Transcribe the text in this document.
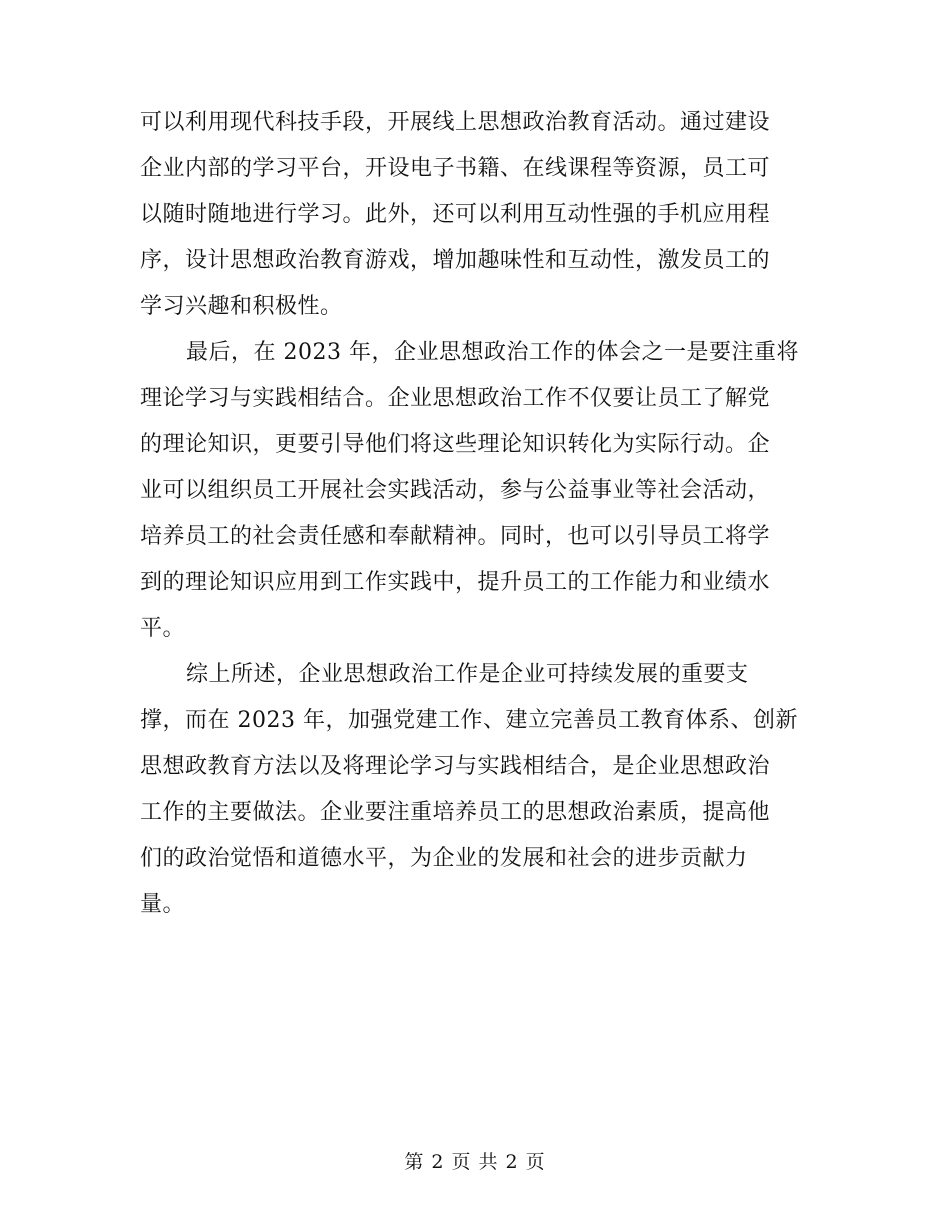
可以利用现代科技手段，开展线上思想政治教育活动。通过建设
企业内部的学习平台，开设电子书籍、在线课程等资源，员工可
以随时随地进行学习。此外，还可以利用互动性强的手机应用程
序，设计思想政治教育游戏，增加趣味性和互动性，激发员工的
学习兴趣和积极性。
最后，在 2023 年，企业思想政治工作的体会之一是要注重将
理论学习与实践相结合。企业思想政治工作不仅要让员工了解党
的理论知识，更要引导他们将这些理论知识转化为实际行动。企
业可以组织员工开展社会实践活动，参与公益事业等社会活动，
培养员工的社会责任感和奉献精神。同时，也可以引导员工将学
到的理论知识应用到工作实践中，提升员工的工作能力和业绩水
平。
综上所述，企业思想政治工作是企业可持续发展的重要支
撑，而在 2023 年，加强党建工作、建立完善员工教育体系、创新
思想政教育方法以及将理论学习与实践相结合，是企业思想政治
工作的主要做法。企业要注重培养员工的思想政治素质，提高他
们的政治觉悟和道德水平，为企业的发展和社会的进步贡献力
量。
第 2 页 共 2 页
